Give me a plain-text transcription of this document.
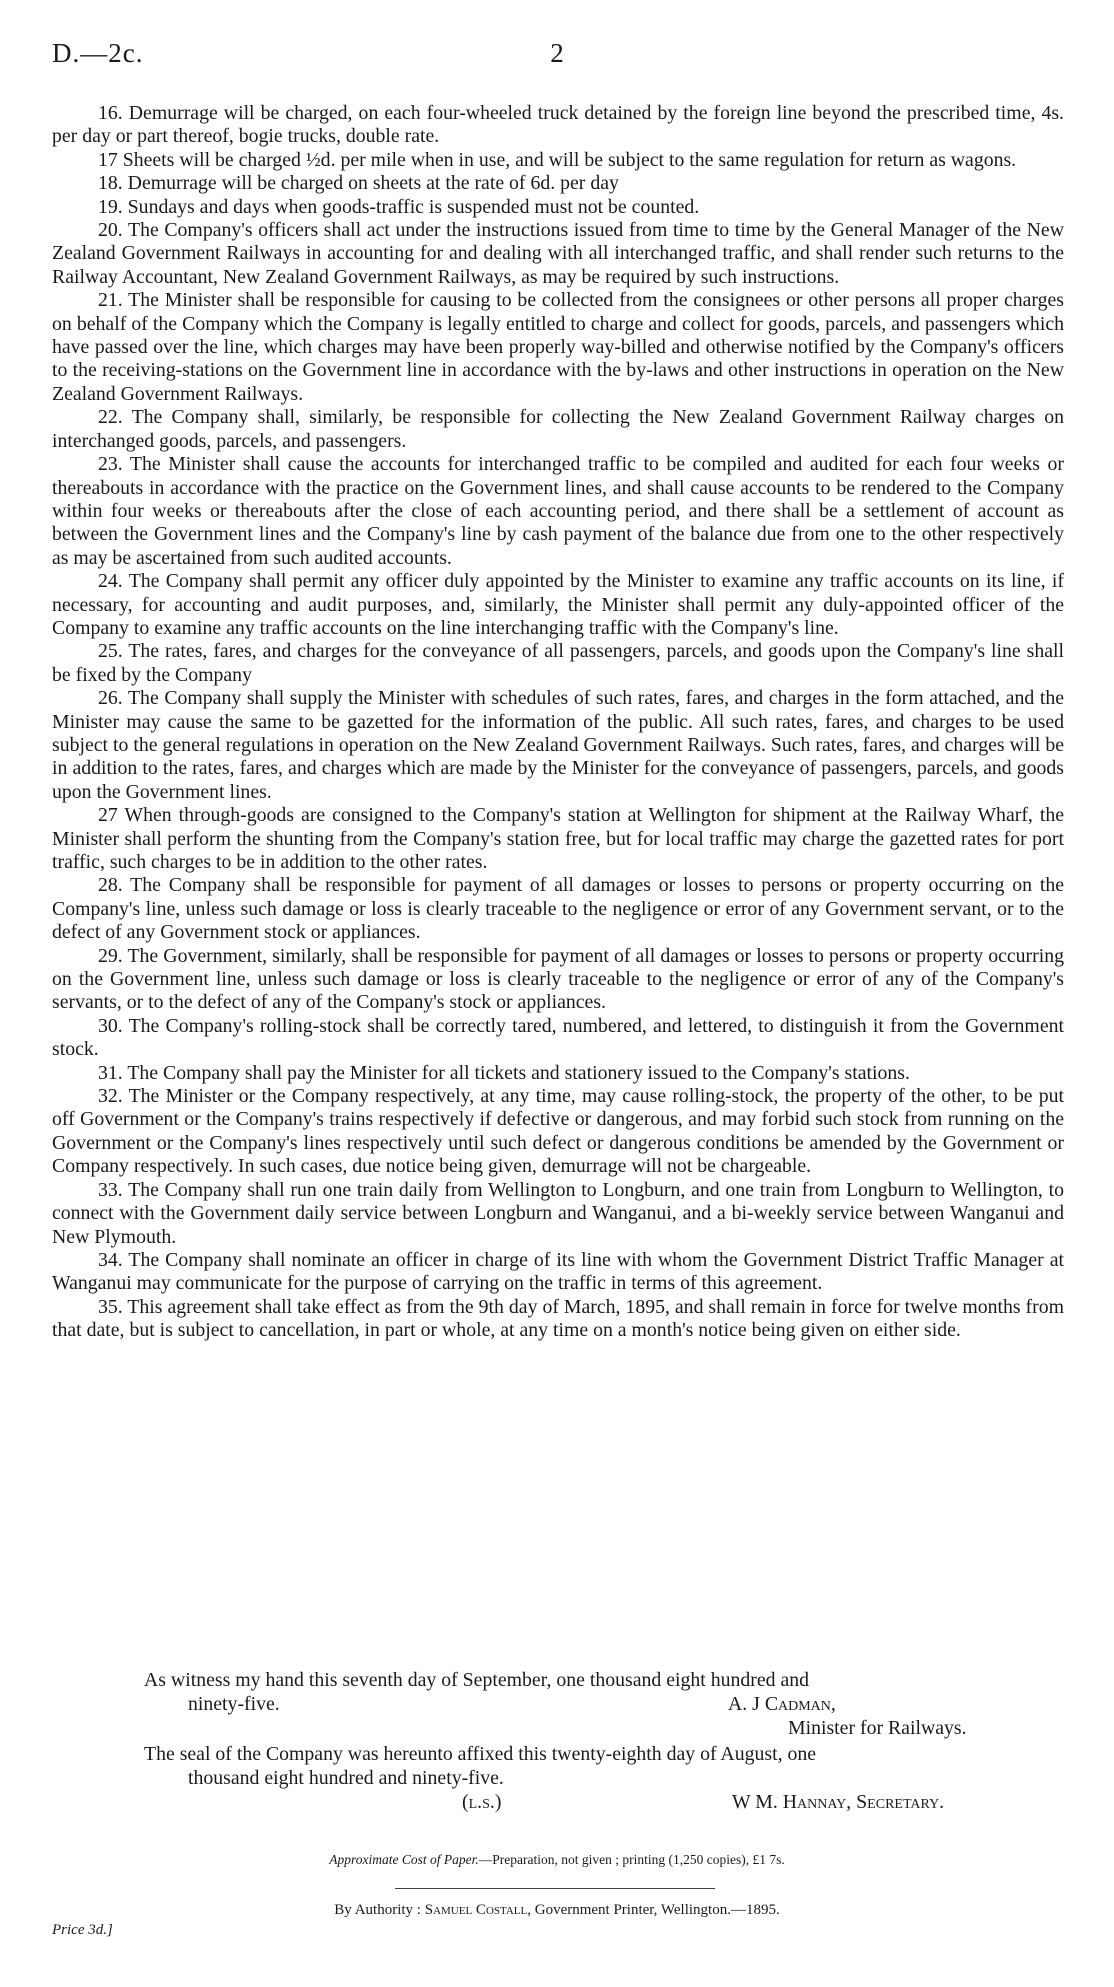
D.—2c.	2

16. Demurrage will be charged, on each four-wheeled truck detained by the foreign line beyond the prescribed time, 4s. per day or part thereof, bogie trucks, double rate.

17 Sheets will be charged ½d. per mile when in use, and will be subject to the same regulation for return as wagons.

18. Demurrage will be charged on sheets at the rate of 6d. per day

19. Sundays and days when goods-traffic is suspended must not be counted.

20. The Company's officers shall act under the instructions issued from time to time by the General Manager of the New Zealand Government Railways in accounting for and dealing with all interchanged traffic, and shall render such returns to the Railway Accountant, New Zealand Government Railways, as may be required by such instructions.

21. The Minister shall be responsible for causing to be collected from the consignees or other persons all proper charges on behalf of the Company which the Company is legally entitled to charge and collect for goods, parcels, and passengers which have passed over the line, which charges may have been properly way-billed and otherwise notified by the Company's officers to the receiving-stations on the Government line in accordance with the by-laws and other instructions in operation on the New Zealand Government Railways.

22. The Company shall, similarly, be responsible for collecting the New Zealand Government Railway charges on interchanged goods, parcels, and passengers.

23. The Minister shall cause the accounts for interchanged traffic to be compiled and audited for each four weeks or thereabouts in accordance with the practice on the Government lines, and shall cause accounts to be rendered to the Company within four weeks or thereabouts after the close of each accounting period, and there shall be a settlement of account as between the Government lines and the Company's line by cash payment of the balance due from one to the other respectively as may be ascertained from such audited accounts.

24. The Company shall permit any officer duly appointed by the Minister to examine any traffic accounts on its line, if necessary, for accounting and audit purposes, and, similarly, the Minister shall permit any duly-appointed officer of the Company to examine any traffic accounts on the line interchanging traffic with the Company's line.

25. The rates, fares, and charges for the conveyance of all passengers, parcels, and goods upon the Company's line shall be fixed by the Company

26. The Company shall supply the Minister with schedules of such rates, fares, and charges in the form attached, and the Minister may cause the same to be gazetted for the information of the public. All such rates, fares, and charges to be used subject to the general regulations in operation on the New Zealand Government Railways. Such rates, fares, and charges will be in addition to the rates, fares, and charges which are made by the Minister for the conveyance of passengers, parcels, and goods upon the Government lines.

27 When through-goods are consigned to the Company's station at Wellington for shipment at the Railway Wharf, the Minister shall perform the shunting from the Company's station free, but for local traffic may charge the gazetted rates for port traffic, such charges to be in addition to the other rates.

28. The Company shall be responsible for payment of all damages or losses to persons or property occurring on the Company's line, unless such damage or loss is clearly traceable to the negligence or error of any Government servant, or to the defect of any Government stock or appliances.

29. The Government, similarly, shall be responsible for payment of all damages or losses to persons or property occurring on the Government line, unless such damage or loss is clearly traceable to the negligence or error of any of the Company's servants, or to the defect of any of the Company's stock or appliances.

30. The Company's rolling-stock shall be correctly tared, numbered, and lettered, to distinguish it from the Government stock.

31. The Company shall pay the Minister for all tickets and stationery issued to the Company's stations.

32. The Minister or the Company respectively, at any time, may cause rolling-stock, the property of the other, to be put off Government or the Company's trains respectively if defective or dangerous, and may forbid such stock from running on the Government or the Company's lines respectively until such defect or dangerous conditions be amended by the Government or Company respectively. In such cases, due notice being given, demurrage will not be chargeable.

33. The Company shall run one train daily from Wellington to Longburn, and one train from Longburn to Wellington, to connect with the Government daily service between Longburn and Wanganui, and a bi-weekly service between Wanganui and New Plymouth.

34. The Company shall nominate an officer in charge of its line with whom the Government District Traffic Manager at Wanganui may communicate for the purpose of carrying on the traffic in terms of this agreement.

35. This agreement shall take effect as from the 9th day of March, 1895, and shall remain in force for twelve months from that date, but is subject to cancellation, in part or whole, at any time on a month's notice being given on either side.

As witness my hand this seventh day of September, one thousand eight hundred and
ninety-five.	A. J Cadman,
Minister for Railways.
The seal of the Company was hereunto affixed this twenty-eighth day of August, one
thousand eight hundred and ninety-five.
(l.s.)	W M. Hannay, Secretary.
Approximate Cost of Paper.—Preparation, not given ; printing (1,250 copies), £1 7s.
By Authority : Samuel Costall, Government Printer, Wellington.—1895.
Price 3d.]
